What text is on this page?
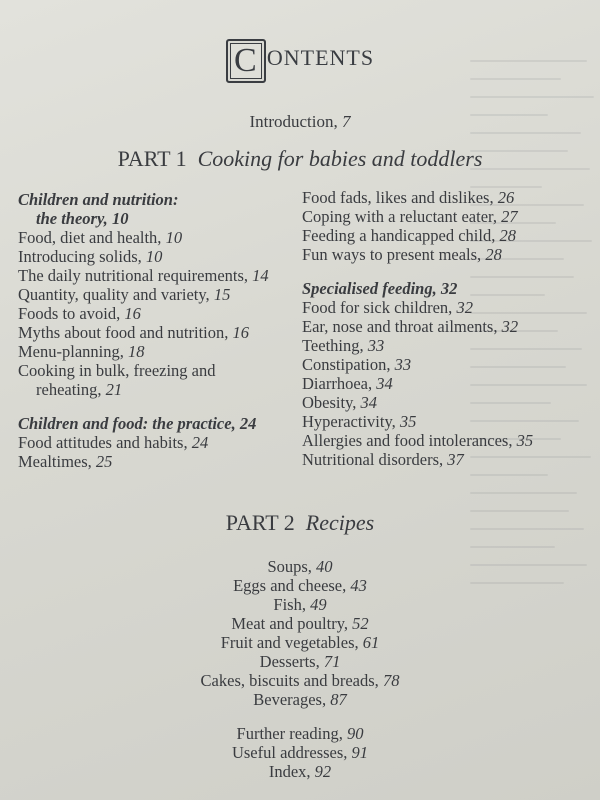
C ontents
Introduction, 7
PART 1 Cooking for babies and toddlers
Children and nutrition:
the theory, 10
Food, diet and health, 10
Introducing solids, 10
The daily nutritional requirements, 14
Quantity, quality and variety, 15
Foods to avoid, 16
Myths about food and nutrition, 16
Menu-planning, 18
Cooking in bulk, freezing and
reheating, 21
Children and food: the practice, 24
Food attitudes and habits, 24
Mealtimes, 25
Food fads, likes and dislikes, 26
Coping with a reluctant eater, 27
Feeding a handicapped child, 28
Fun ways to present meals, 28
Specialised feeding, 32
Food for sick children, 32
Ear, nose and throat ailments, 32
Teething, 33
Constipation, 33
Diarrhoea, 34
Obesity, 34
Hyperactivity, 35
Allergies and food intolerances, 35
Nutritional disorders, 37
PART 2 Recipes
Soups, 40
Eggs and cheese, 43
Fish, 49
Meat and poultry, 52
Fruit and vegetables, 61
Desserts, 71
Cakes, biscuits and breads, 78
Beverages, 87
Further reading, 90
Useful addresses, 91
Index, 92
